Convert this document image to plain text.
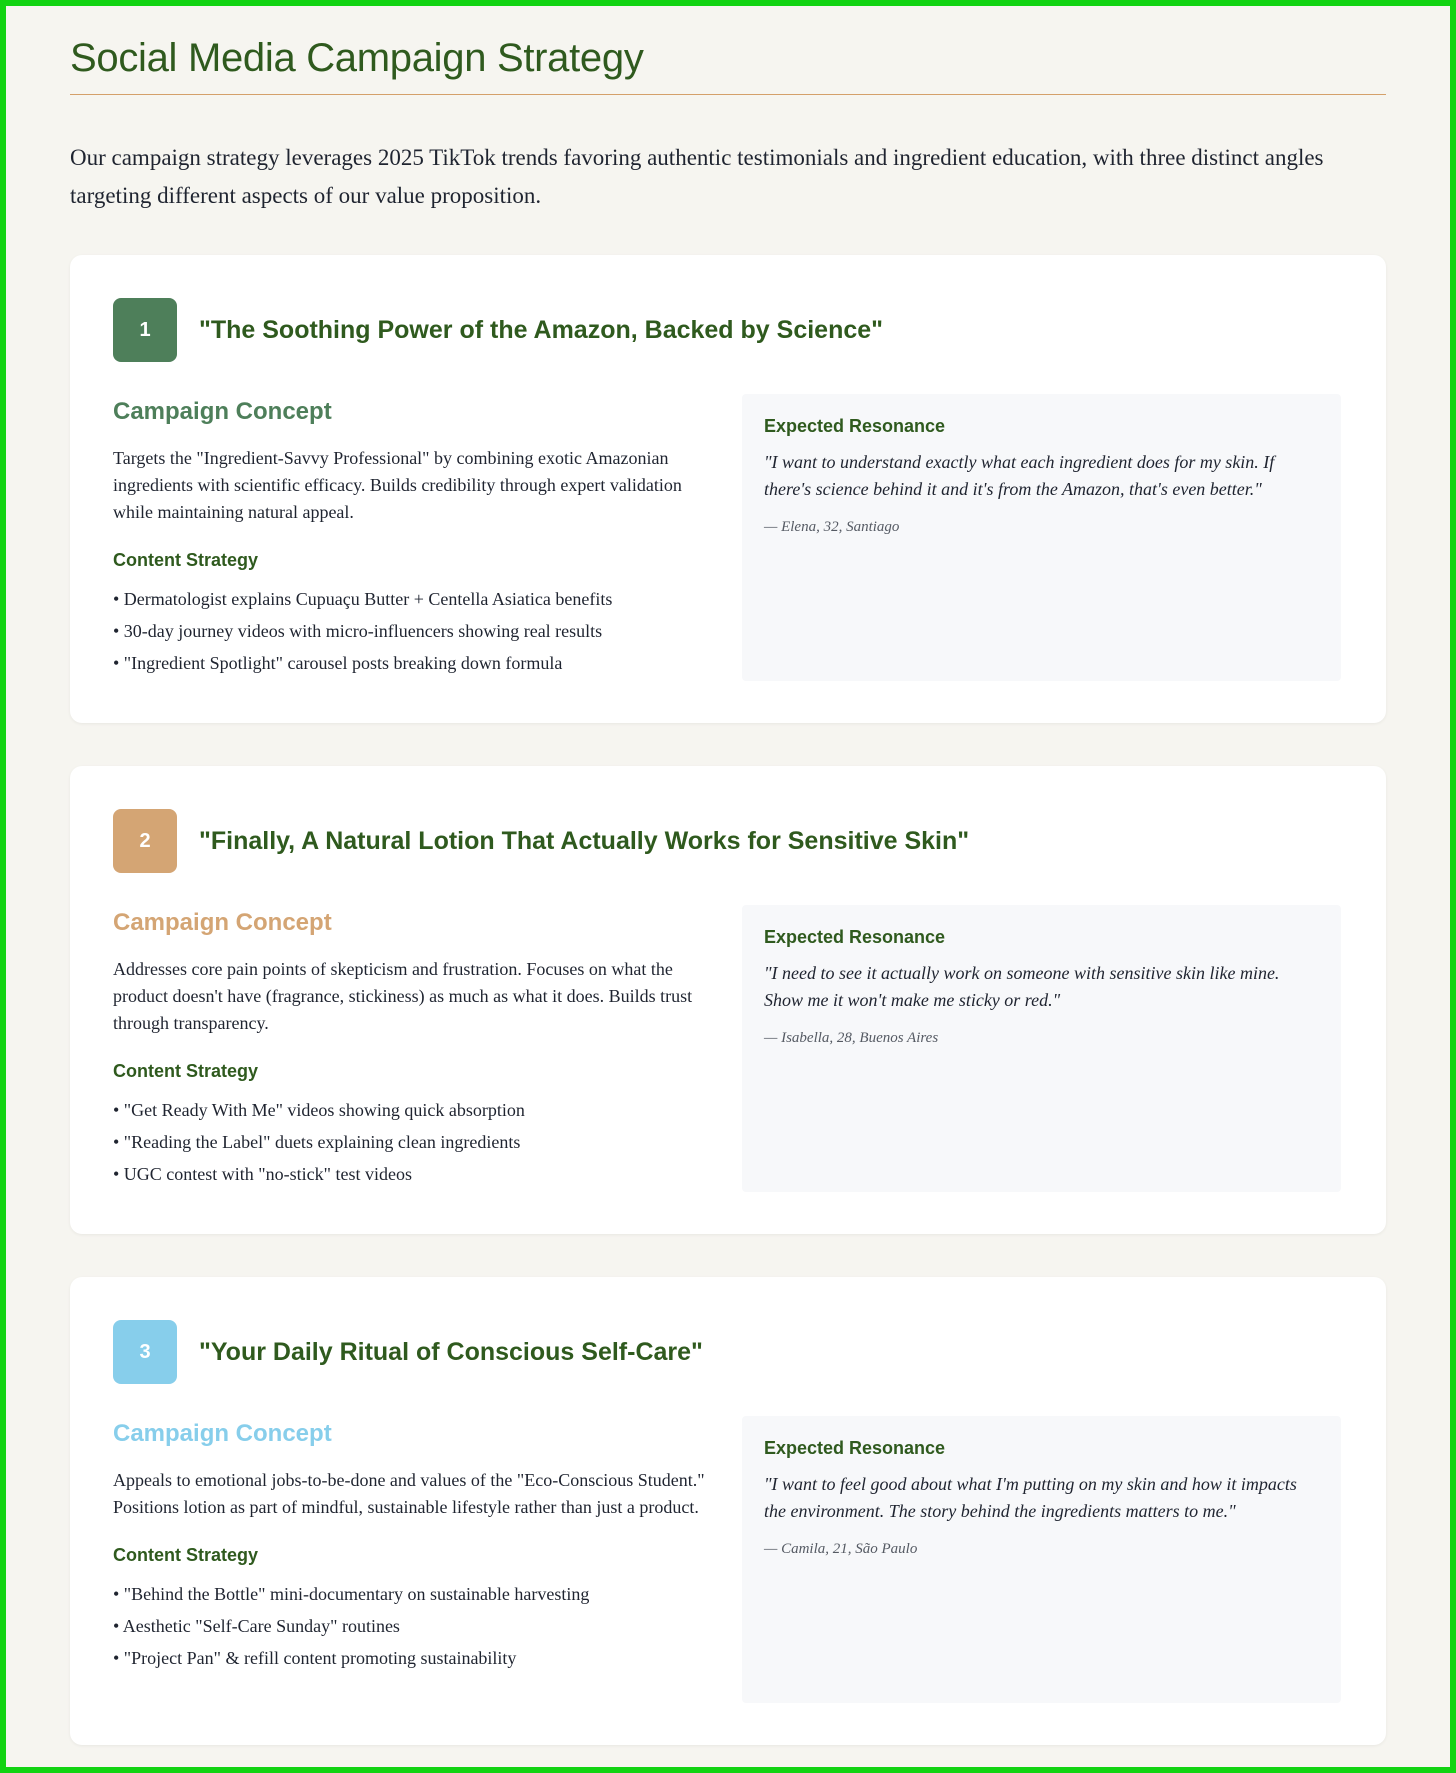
Social Media Campaign Strategy

Our campaign strategy leverages 2025 TikTok trends favoring authentic testimonials and ingredient education, with three distinct angles targeting different aspects of our value proposition.

1	"The Soothing Power of the Amazon, Backed by Science"
Campaign Concept

Targets the "Ingredient-Savvy Professional" by combining exotic Amazonian ingredients with scientific efficacy. Builds credibility through expert validation while maintaining natural appeal.

Content Strategy
• Dermatologist explains Cupuaçu Butter + Centella Asiatica benefits
• 30-day journey videos with micro-influencers showing real results
• "Ingredient Spotlight" carousel posts breaking down formula
Expected Resonance

"I want to understand exactly what each ingredient does for my skin. If there's science behind it and it's from the Amazon, that's even better."

— Elena, 32, Santiago

2	"Finally, A Natural Lotion That Actually Works for Sensitive Skin"
Campaign Concept

Addresses core pain points of skepticism and frustration. Focuses on what the product doesn't have (fragrance, stickiness) as much as what it does. Builds trust through transparency.

Content Strategy
• "Get Ready With Me" videos showing quick absorption
• "Reading the Label" duets explaining clean ingredients
• UGC contest with "no-stick" test videos
Expected Resonance

"I need to see it actually work on someone with sensitive skin like mine. Show me it won't make me sticky or red."

— Isabella, 28, Buenos Aires

3	"Your Daily Ritual of Conscious Self-Care"
Campaign Concept

Appeals to emotional jobs-to-be-done and values of the "Eco-Conscious Student." Positions lotion as part of mindful, sustainable lifestyle rather than just a product.

Content Strategy
• "Behind the Bottle" mini-documentary on sustainable harvesting
• Aesthetic "Self-Care Sunday" routines
• "Project Pan" & refill content promoting sustainability
Expected Resonance

"I want to feel good about what I'm putting on my skin and how it impacts the environment. The story behind the ingredients matters to me."

— Camila, 21, São Paulo
